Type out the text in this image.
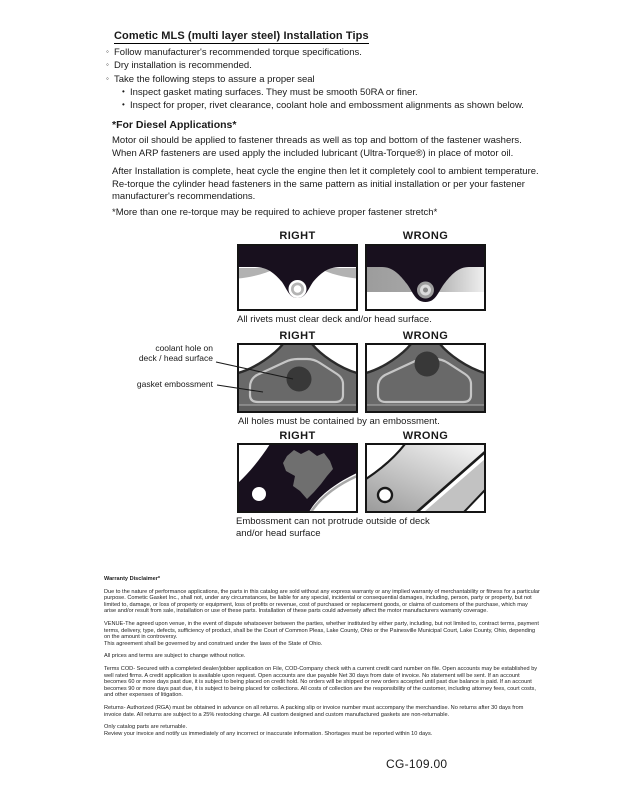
Cometic MLS (multi layer steel) Installation Tips
◦ Follow manufacturer's recommended torque specifications.
◦ Dry installation is recommended.
◦ Take the following steps to assure a proper seal
• Inspect gasket mating surfaces. They must be smooth 50RA or finer.
• Inspect for proper, rivet clearance, coolant hole and embossment alignments as shown below.
*For Diesel Applications*
Motor oil should be applied to fastener threads as well as top and bottom of the fastener washers. When ARP fasteners are used apply the included lubricant (Ultra-Torque®) in place of motor oil.
After Installation is complete, heat cycle the engine then let it completely cool to ambient temperature. Re-torque the cylinder head fasteners in the same pattern as initial installation or per your fastener manufacturer's recommendations.
*More than one re-torque may be required to achieve proper fastener stretch*
RIGHT	WRONG
All rivets must clear deck and/or head surface.
RIGHT	WRONG
coolant hole on
deck / head surface
gasket embossment
All holes must be contained by an embossment.
RIGHT	WRONG
Embossment can not protrude outside of deck
and/or head surface

Warranty Disclaimer*

Due to the nature of performance applications, the parts in this catalog are sold without any express warranty or any implied warranty of merchantability or fitness for a particular purpose. Cometic Gasket Inc., shall not, under any circumstances, be liable for any special, incidental or consequential damages, including, person, party or property, but not limited to, damage, or loss of property or equipment, loss of profits or revenue, cost of purchased or replacement goods, or claims of customers of the purchase, which may arise and/or result from sale, installation or use of these parts. Installation of these parts could adversely affect the motor manufacturers warranty coverage.

VENUE-The agreed upon venue, in the event of dispute whatsoever between the parties, whether instituted by either party, including, but not limited to, contract terms, payment terms, delivery, type, defects, sufficiency of product, shall be the Court of Common Pleas, Lake County, Ohio or the Painesville Municipal Court, Lake County, Ohio, depending on the amount in controversy.

This agreement shall be governed by and construed under the laws of the State of Ohio.

All prices and terms are subject to change without notice.

Terms COD- Secured with a completed dealer/jobber application on File, COD-Company check with a current credit card number on file. Open accounts may be established by well rated firms. A credit application is available upon request. Open accounts are due payable Net 30 days from date of invoice. No statement will be sent. If an account becomes 60 or more days past due, it is subject to being placed on credit hold. No orders will be shipped or new orders accepted until past due balance is paid. If an account becomes 90 or more days past due, it is subject to being placed for collections. All costs of collection are the responsibility of the customer, including attorney fees, court costs, and other expenses of litigation.

Returns- Authorized (RGA) must be obtained in advance on all returns. A packing slip or invoice number must accompany the merchandise. No returns after 30 days from invoice date. All returns are subject to a 25% restocking charge. All custom designed and custom manufactured gaskets are non-returnable.

Only catalog parts are returnable.

Review your invoice and notify us immediately of any incorrect or inaccurate information. Shortages must be reported within 10 days.

CG-109.00
